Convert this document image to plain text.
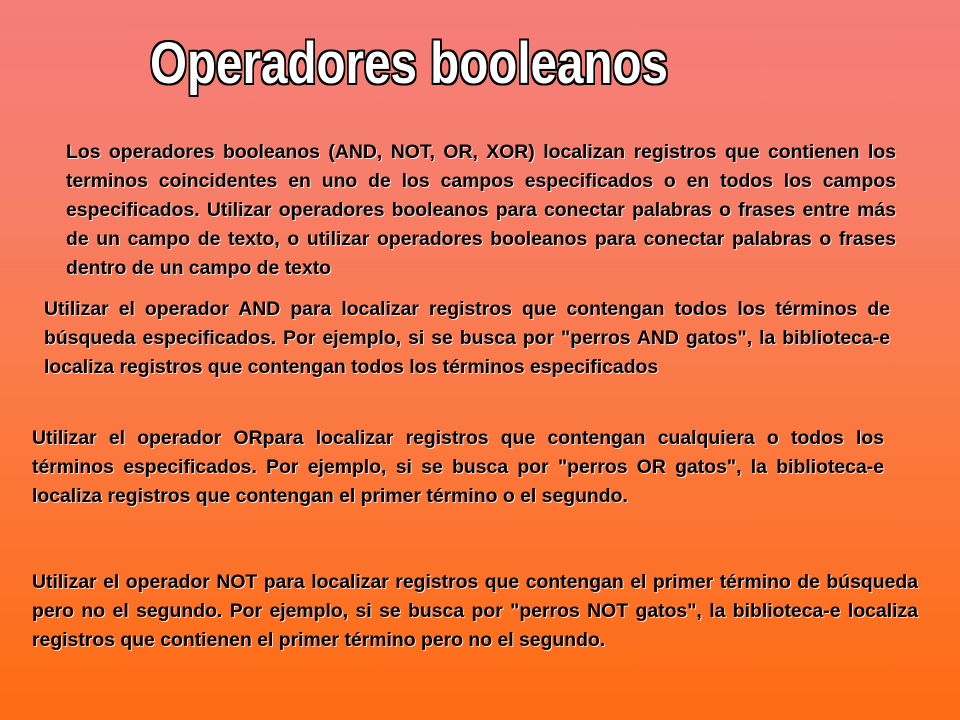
Operadores booleanos

Los operadores booleanos (AND, NOT, OR, XOR) localizan registros que contienen los terminos coincidentes en uno de los campos especificados o en todos los campos especificados. Utilizar operadores booleanos para conectar palabras o frases entre más de un campo de texto, o utilizar operadores booleanos para conectar palabras o frases dentro de un campo de texto

Utilizar el operador AND para localizar registros que contengan todos los términos de búsqueda especificados. Por ejemplo, si se busca por "perros AND gatos", la biblioteca-e localiza registros que contengan todos los términos especificados

Utilizar el operador ORpara localizar registros que contengan cualquiera o todos los términos especificados. Por ejemplo, si se busca por "perros OR gatos", la biblioteca-e localiza registros que contengan el primer término o el segundo.

Utilizar el operador NOT para localizar registros que contengan el primer término de búsqueda pero no el segundo. Por ejemplo, si se busca por "perros NOT gatos", la biblioteca-e localiza registros que contienen el primer término pero no el segundo.
